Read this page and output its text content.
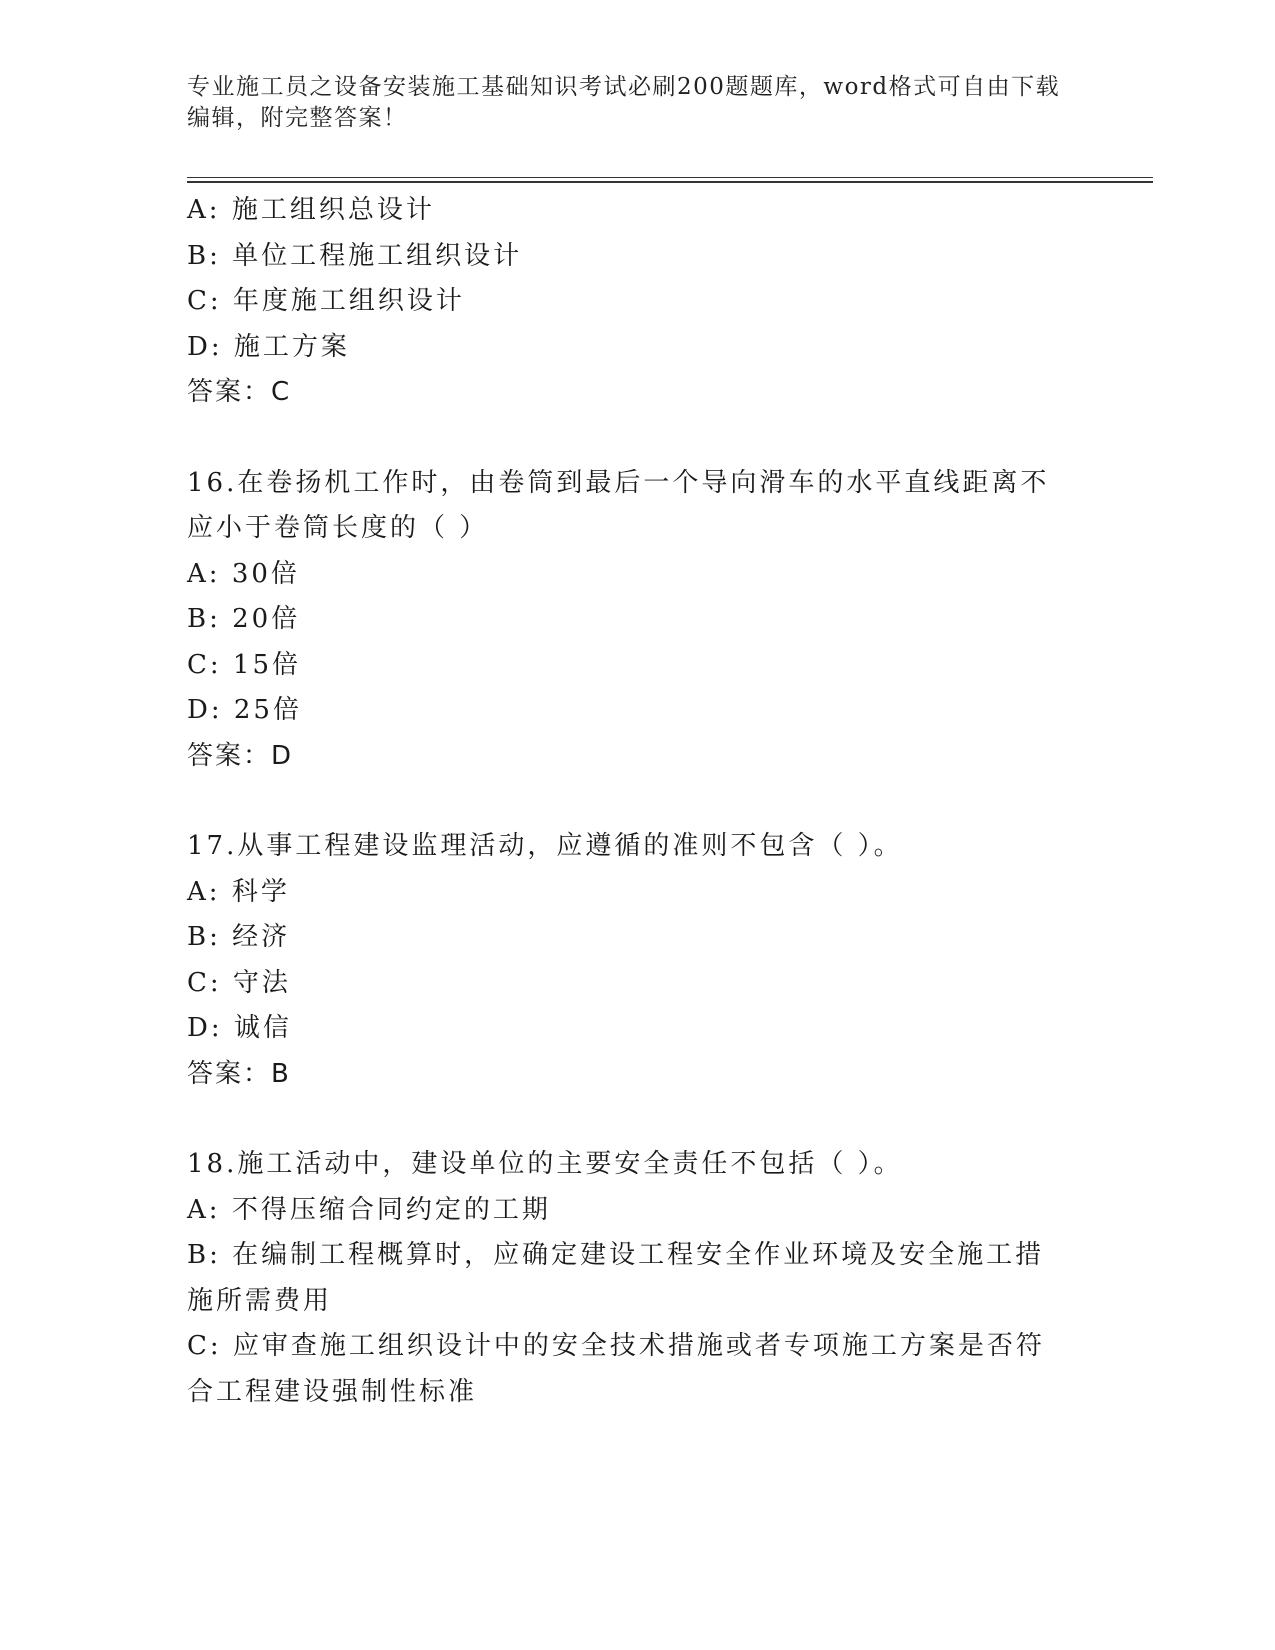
专业施工员之设备安装施工基础知识考试必刷200题题库，word格式可自由下载编辑，附完整答案！
A: 施工组织总设计
B: 单位工程施工组织设计
C: 年度施工组织设计
D: 施工方案
答案：C
16.在卷扬机工作时，由卷筒到最后一个导向滑车的水平直线距离不应小于卷筒长度的（ ）
A: 30倍
B: 20倍
C: 15倍
D: 25倍
答案：D
17.从事工程建设监理活动，应遵循的准则不包含（ ）。
A: 科学
B: 经济
C: 守法
D: 诚信
答案：B
18.施工活动中，建设单位的主要安全责任不包括（ ）。
A: 不得压缩合同约定的工期
B: 在编制工程概算时，应确定建设工程安全作业环境及安全施工措施所需费用
C: 应审查施工组织设计中的安全技术措施或者专项施工方案是否符合工程建设强制性标准
